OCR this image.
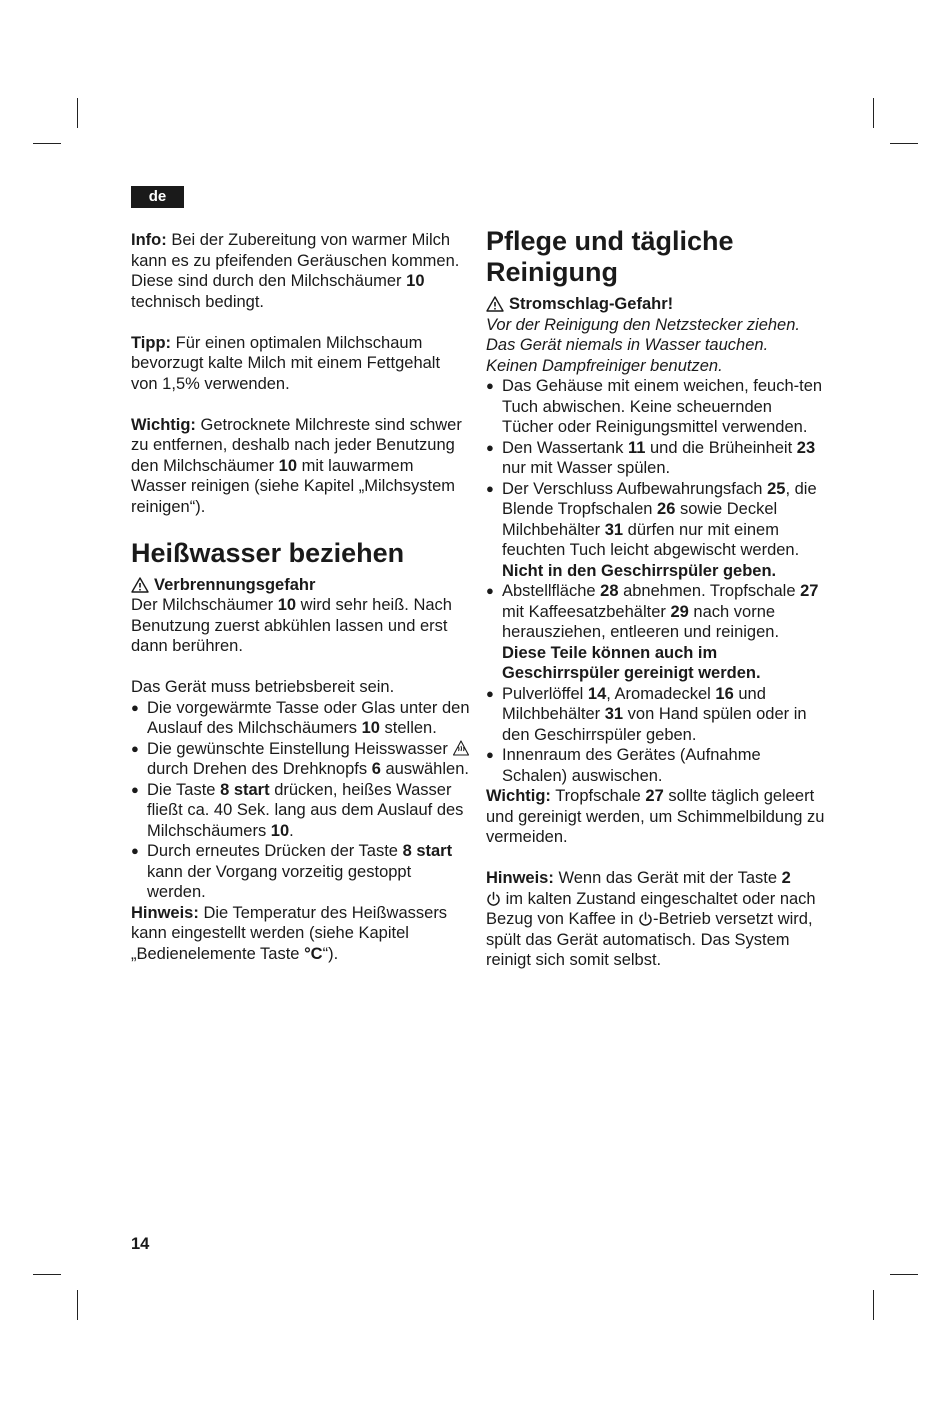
de

Info: Bei der Zubereitung von warmer Milch kann es zu pfeifenden Geräuschen kommen. Diese sind durch den Milchschäumer 10 technisch bedingt.

Tipp: Für einen optimalen Milchschaum bevorzugt kalte Milch mit einem Fettgehalt von 1,5% verwenden.

Wichtig: Getrocknete Milchreste sind schwer zu entfernen, deshalb nach jeder Benutzung den Milchschäumer 10 mit lauwarmem Wasser reinigen (siehe Kapitel „Milchsystem reinigen“).

Heißwasser beziehen
Verbrennungsgefahr

Der Milchschäumer 10 wird sehr heiß. Nach Benutzung zuerst abkühlen lassen und erst dann berühren.

Das Gerät muss betriebsbereit sein.

● Die vorgewärmte Tasse oder Glas unter den Auslauf des Milchschäumers 10 stellen.
● Die gewünschte Einstellung Heisswasser  durch Drehen des Drehknopfs 6 auswählen.
● Die Taste 8 start drücken, heißes Wasser fließt ca. 40 Sek. lang aus dem Auslauf des Milchschäumers 10.
● Durch erneutes Drücken der Taste 8 start kann der Vorgang vorzeitig gestoppt werden.

Hinweis: Die Temperatur des Heißwassers kann eingestellt werden (siehe Kapitel „Bedienelemente Taste °C“).

Pflege und tägliche
Reinigung
Stromschlag-Gefahr!

Vor der Reinigung den Netzstecker ziehen.

Das Gerät niemals in Wasser tauchen.

Keinen Dampfreiniger benutzen.

● Das Gehäuse mit einem weichen, feuch-ten Tuch abwischen. Keine scheuernden Tücher oder Reinigungsmittel verwenden.
● Den Wassertank 11 und die Brüheinheit 23 nur mit Wasser spülen.
● Der Verschluss Aufbewahrungsfach 25, die Blende Tropfschalen 26 sowie Deckel Milchbehälter 31 dürfen nur mit einem feuchten Tuch leicht abgewischt werden. Nicht in den Geschirrspüler geben.
● Abstellfläche 28 abnehmen. Tropfschale 27 mit Kaffeesatzbehälter 29 nach vorne herausziehen, entleeren und reinigen. Diese Teile können auch im Geschirrspüler gereinigt werden.
● Pulverlöffel 14, Aromadeckel 16 und Milchbehälter 31 von Hand spülen oder in den Geschirrspüler geben.
● Innenraum des Gerätes (Aufnahme Schalen) auswischen.

Wichtig: Tropfschale 27 sollte täglich geleert und gereinigt werden, um Schimmelbildung zu vermeiden.

Hinweis: Wenn das Gerät mit der Taste 2
im kalten Zustand eingeschaltet oder nach Bezug von Kaffee in -Betrieb versetzt wird, spült das Gerät automatisch. Das System reinigt sich somit selbst.

14
